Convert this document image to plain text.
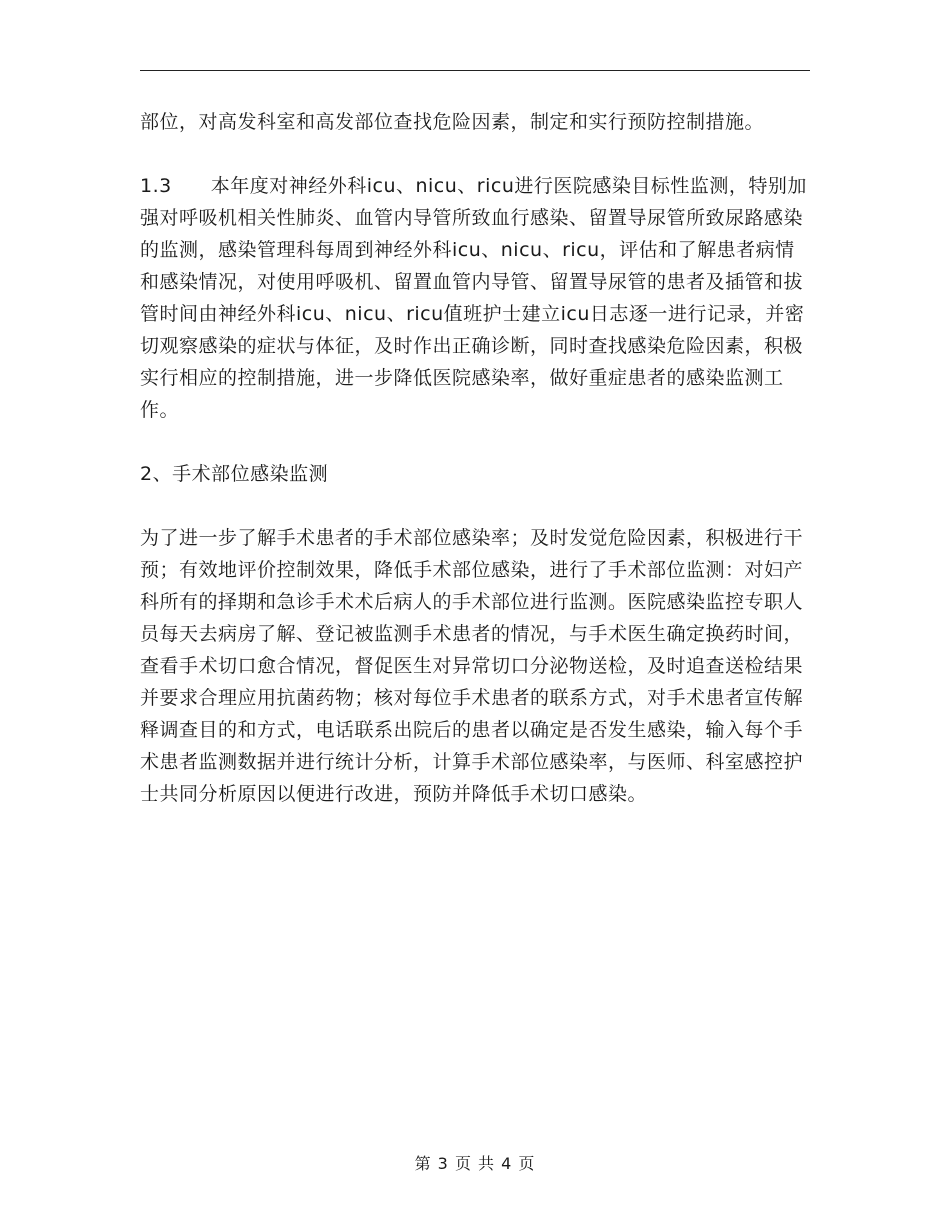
部位，对高发科室和高发部位查找危险因素，制定和实行预防控制措施。

1.3　　本年度对神经外科icu、nicu、ricu进行医院感染目标性监测，特别加强对呼吸机相关性肺炎、血管内导管所致血行感染、留置导尿管所致尿路感染的监测，感染管理科每周到神经外科icu、nicu、ricu，评估和了解患者病情和感染情况，对使用呼吸机、留置血管内导管、留置导尿管的患者及插管和拔管时间由神经外科icu、nicu、ricu值班护士建立icu日志逐一进行记录，并密切观察感染的症状与体征，及时作出正确诊断，同时查找感染危险因素，积极实行相应的控制措施，进一步降低医院感染率，做好重症患者的感染监测工作。

2、手术部位感染监测

为了进一步了解手术患者的手术部位感染率；及时发觉危险因素，积极进行干预；有效地评价控制效果，降低手术部位感染，进行了手术部位监测：对妇产科所有的择期和急诊手术术后病人的手术部位进行监测。医院感染监控专职人员每天去病房了解、登记被监测手术患者的情况，与手术医生确定换药时间，查看手术切口愈合情况，督促医生对异常切口分泌物送检，及时追查送检结果并要求合理应用抗菌药物；核对每位手术患者的联系方式，对手术患者宣传解释调查目的和方式，电话联系出院后的患者以确定是否发生感染，输入每个手术患者监测数据并进行统计分析，计算手术部位感染率，与医师、科室感控护士共同分析原因以便进行改进，预防并降低手术切口感染。

第 3 页 共 4 页
